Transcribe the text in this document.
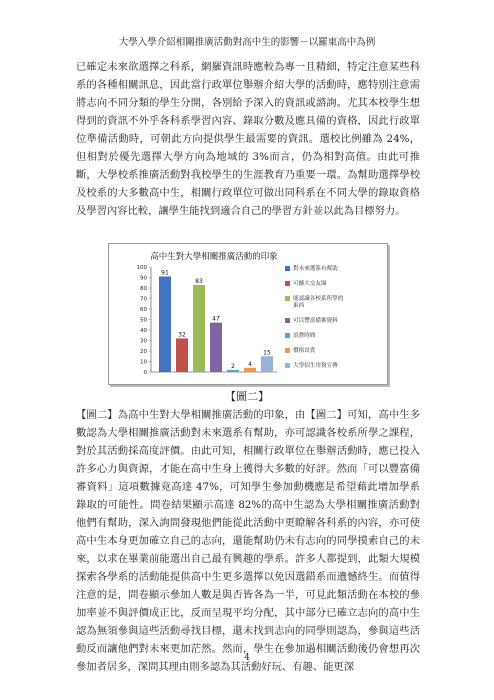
大學入學介紹相關推廣活動對高中生的影響－以羅東高中為例
已確定未來欲選擇之科系，網羅資訊時應較為專一且精細，特定注意某些科系的各種相關訊息，因此當行政單位舉辦介紹大學的活動時，應特別注意需將志向不同分類的學生分開，各別給予深入的資訊或諮詢。尤其本校學生想得到的資訊不外乎各科系學習內容、錄取分數及應具備的資格，因此行政單位準備活動時，可朝此方向提供學生最需要的資訊。選校比例雖為 24%，但相對於優先選擇大學方向為地域的 3%而言，仍為相對高值。由此可推斷，大學校系推廣活動對我校學生的生涯教育乃重要一環。為幫助選擇學校及校系的大多數高中生，相關行政單位可做出同科系在不同大學的錄取資格及學習內容比較，讓學生能找到適合自己的學習方針並以此為目標努力。
高中生對大學相關推廣活動的印象
0
10
20
30
40
50
60
70
80
90
100
91
32
83
47
2 4
15
對未來選系有幫助
可擴大交友圈
能認識各校系所學的東西
可以豐富備審資料
浪費時間
價格昂貴
大學招生用資宣傳
【圖二】
【圖二】為高中生對大學相關推廣活動的印象，由【圖二】可知，高中生多數認為大學相關推廣活動對未來選系有幫助，亦可認識各校系所學之課程，對於其活動採高度評價。由此可知，相關行政單位在舉辦活動時，應已投入許多心力與資源，才能在高中生身上獲得大多數的好評。然而「可以豐富備審資料」這項數據竟高達 47%，可知學生參加動機應是希望藉此增加學系錄取的可能性。問卷結果顯示高達 82%的高中生認為大學相關推廣活動對他們有幫助，深入詢問發現他們能從此活動中更瞭解各科系的內容，亦可使高中生本身更加確立自己的志向，還能幫助仍未有志向的同學摸索自己的未來，以求在畢業前能選出自己最有興趣的學系。許多人都提到，此類大規模探索各學系的活動能提供高中生更多選擇以免因選錯系而遺憾終生。而值得注意的是，問卷顯示參加人數是與否皆各為一半，可見此類活動在本校的參加率並不與評價成正比，反而呈現平均分配，其中部分已確立志向的高中生認為無須參與這些活動尋找目標，還未找到志向的同學則認為，參與這些活動反而讓他們對未來更加茫然。然而，學生在參加過相關活動後仍會想再次參加者居多，深問其理由則多認為其活動好玩、有趣、能更深
4
